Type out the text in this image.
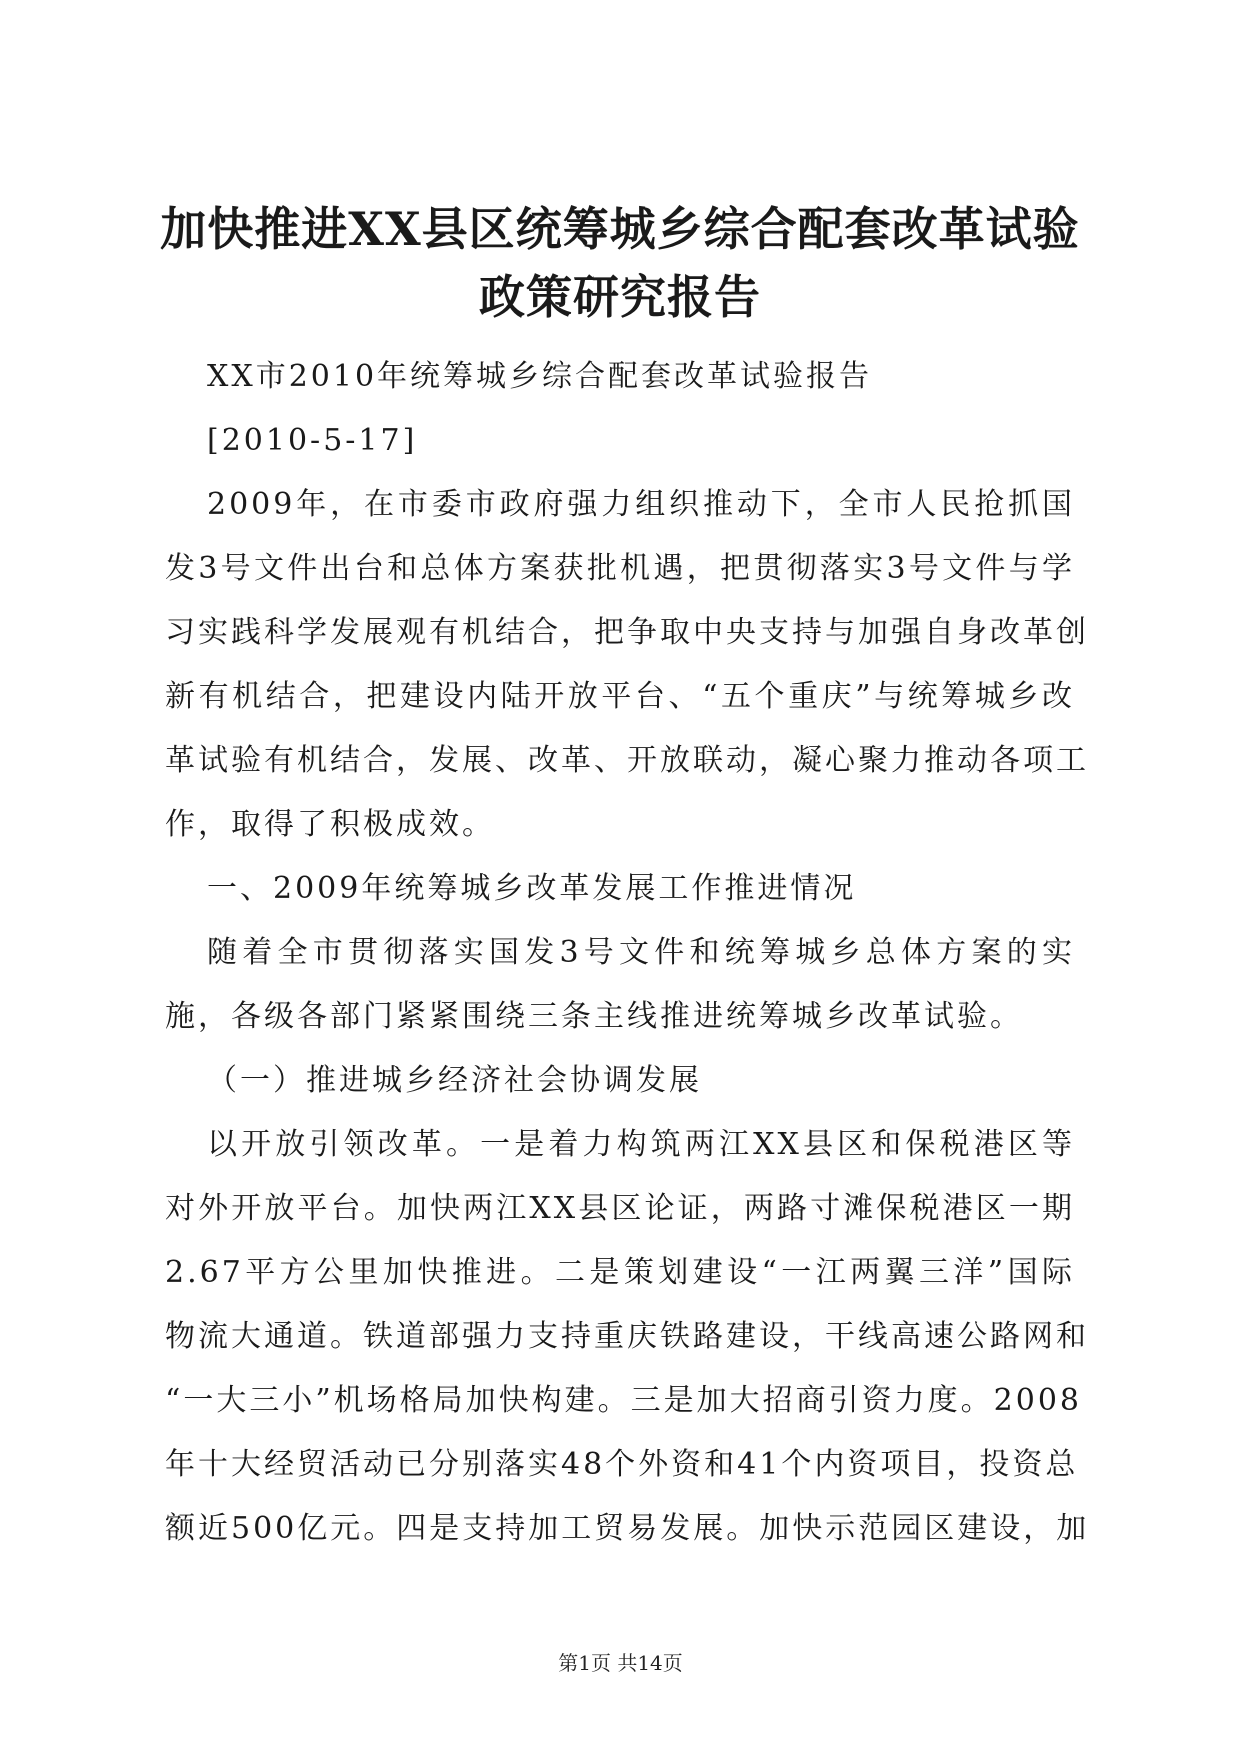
加快推进XX县区统筹城乡综合配套改革试验
政策研究报告
XX市2010年统筹城乡综合配套改革试验报告
[2010-5-17]
2009年，在市委市政府强力组织推动下，全市人民抢抓国
发3号文件出台和总体方案获批机遇，把贯彻落实3号文件与学
习实践科学发展观有机结合，把争取中央支持与加强自身改革创
新有机结合，把建设内陆开放平台、“五个重庆”与统筹城乡改
革试验有机结合，发展、改革、开放联动，凝心聚力推动各项工
作，取得了积极成效。
一、2009年统筹城乡改革发展工作推进情况
随着全市贯彻落实国发3号文件和统筹城乡总体方案的实
施，各级各部门紧紧围绕三条主线推进统筹城乡改革试验。
（一）推进城乡经济社会协调发展
以开放引领改革。一是着力构筑两江XX县区和保税港区等
对外开放平台。加快两江XX县区论证，两路寸滩保税港区一期
2.67平方公里加快推进。二是策划建设“一江两翼三洋”国际
物流大通道。铁道部强力支持重庆铁路建设，干线高速公路网和
“一大三小”机场格局加快构建。三是加大招商引资力度。2008
年十大经贸活动已分别落实48个外资和41个内资项目，投资总
额近500亿元。四是支持加工贸易发展。加快示范园区建设，加
第1页 共14页
